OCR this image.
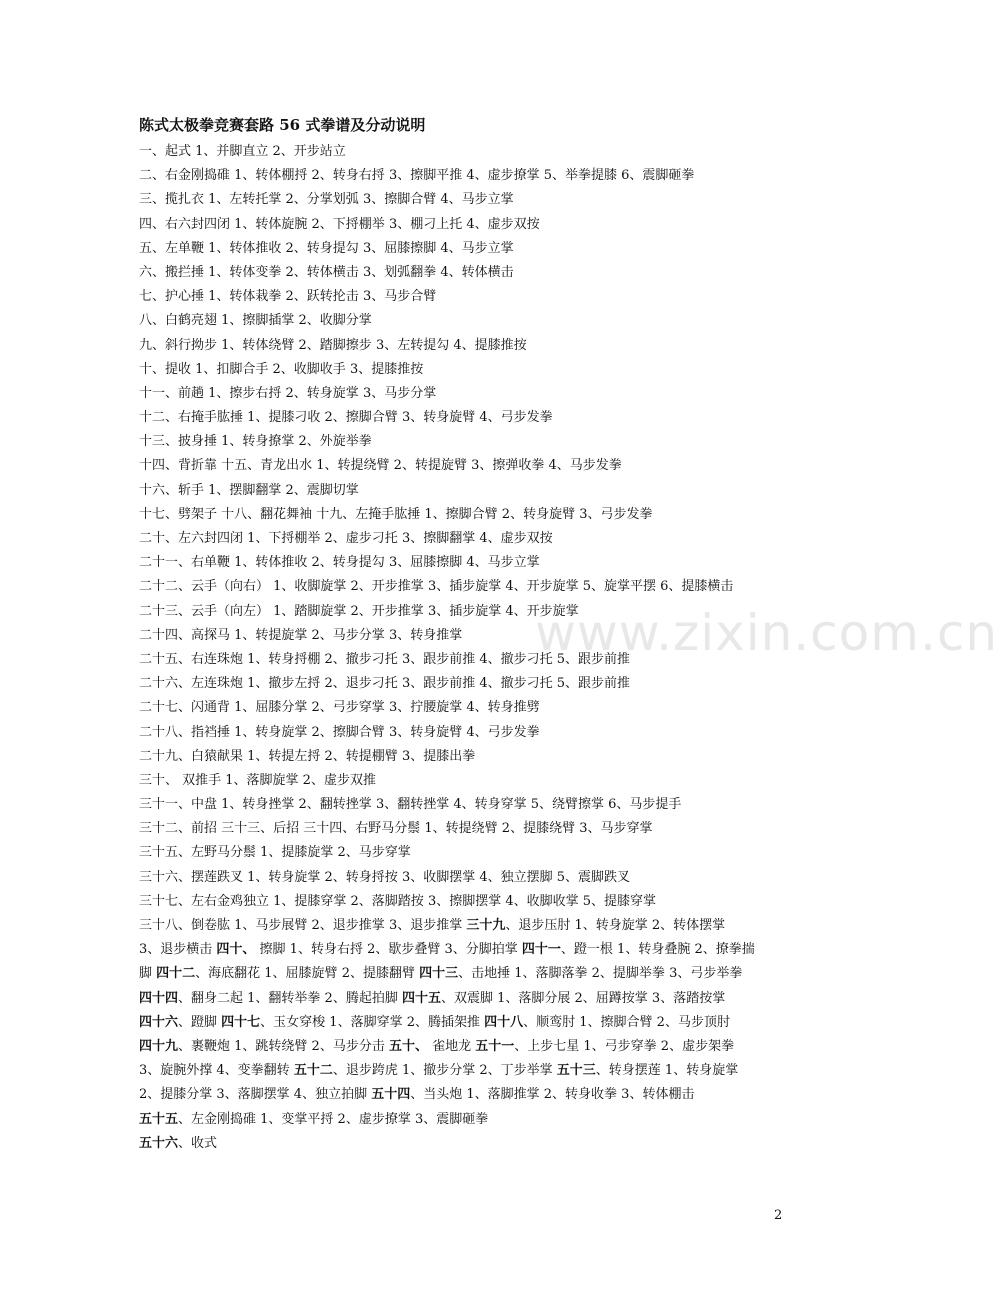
www.zixin.com.cn
陈式太极拳竞赛套路 56 式拳谱及分动说明
一、起式 1、并脚直立 2、开步站立
二、右金刚捣碓 1、转体棚捋 2、转身右捋 3、擦脚平推 4、虚步撩掌 5、举拳提膝 6、震脚砸拳
三、揽扎衣 1、左转托掌 2、分掌划弧 3、擦脚合臂 4、马步立掌
四、右六封四闭 1、转体旋腕 2、下捋棚举 3、棚刁上托 4、虚步双按
五、左单鞭 1、转体推收 2、转身提勾 3、屈膝擦脚 4、马步立掌
六、搬拦捶 1、转体变拳 2、转体横击 3、划弧翻拳 4、转体横击
七、护心捶 1、转体栽拳 2、跃转抡击 3、马步合臂
八、白鹤亮翅 1、擦脚插掌 2、收脚分掌
九、斜行拗步 1、转体绕臂 2、踏脚擦步 3、左转提勾 4、提膝推按
十、提收 1、扣脚合手 2、收脚收手 3、提膝推按
十一、前趟 1、擦步右捋 2、转身旋掌 3、马步分掌
十二、右掩手肱捶 1、提膝刁收 2、擦脚合臂 3、转身旋臂 4、弓步发拳
十三、披身捶 1、转身撩掌 2、外旋举拳
十四、背折靠 十五、青龙出水 1、转提绕臂 2、转提旋臂 3、擦弹收拳 4、马步发拳
十六、斩手 1、摆脚翻掌 2、震脚切掌
十七、劈架子 十八、翻花舞袖 十九、左掩手肱捶 1、擦脚合臂 2、转身旋臂 3、弓步发拳
二十、左六封四闭 1、下捋棚举 2、虚步刁托 3、擦脚翻掌 4、虚步双按
二十一、右单鞭 1、转体推收 2、转身提勾 3、屈膝擦脚 4、马步立掌
二十二、云手（向右） 1、收脚旋掌 2、开步推掌 3、插步旋掌 4、开步旋掌 5、旋掌平摆 6、提膝横击
二十三、云手（向左） 1、踏脚旋掌 2、开步推掌 3、插步旋掌 4、开步旋掌
二十四、高探马 1、转提旋掌 2、马步分掌 3、转身推掌
二十五、右连珠炮 1、转身捋棚 2、撤步刁托 3、跟步前推 4、撤步刁托 5、跟步前推
二十六、左连珠炮 1、撤步左捋 2、退步刁托 3、跟步前推 4、撤步刁托 5、跟步前推
二十七、闪通背 1、屈膝分掌 2、弓步穿掌 3、拧腰旋掌 4、转身推劈
二十八、指裆捶 1、转身旋掌 2、擦脚合臂 3、转身旋臂 4、弓步发拳
二十九、白猿献果 1、转提左捋 2、转提棚臂 3、提膝出拳
三十、 双推手 1、落脚旋掌 2、虚步双推
三十一、中盘 1、转身挫掌 2、翻转挫掌 3、翻转挫掌 4、转身穿掌 5、绕臂擦掌 6、马步提手
三十二、前招 三十三、后招 三十四、右野马分鬃 1、转提绕臂 2、提膝绕臂 3、马步穿掌
三十五、左野马分鬃 1、提膝旋掌 2、马步穿掌
三十六、摆莲跌叉 1、转身旋掌 2、转身捋按 3、收脚摆掌 4、独立摆脚 5、震脚跌叉
三十七、左右金鸡独立 1、提膝穿掌 2、落脚踏按 3、擦脚摆掌 4、收脚收掌 5、提膝穿掌
三十八、倒卷肱 1、马步展臂 2、退步推掌 3、退步推掌 三十九、退步压肘 1、转身旋掌 2、转体摆掌
3、退步横击 四十、 擦脚 1、转身右捋 2、歇步叠臂 3、分脚拍掌 四十一、蹬一根 1、转身叠腕 2、撩拳揣
脚 四十二、海底翻花 1、屈膝旋臂 2、提膝翻臂 四十三、击地捶 1、落脚落拳 2、提脚举拳 3、弓步举拳
四十四、翻身二起 1、翻转举拳 2、腾起拍脚 四十五、双震脚 1、落脚分展 2、屈蹲按掌 3、落踏按掌
四十六、蹬脚 四十七、玉女穿梭 1、落脚穿掌 2、腾插架推 四十八、顺鸾肘 1、擦脚合臂 2、马步顶肘
四十九、裹鞭炮 1、跳转绕臂 2、马步分击 五十、 雀地龙 五十一、上步七星 1、弓步穿拳 2、虚步架拳
3、旋腕外撑 4、变拳翻转 五十二、退步跨虎 1、撤步分掌 2、丁步举掌 五十三、转身摆莲 1、转身旋掌
2、提膝分掌 3、落脚摆掌 4、独立拍脚 五十四、当头炮 1、落脚推掌 2、转身收拳 3、转体棚击
五十五、左金刚捣碓 1、变掌平捋 2、虚步撩掌 3、震脚砸拳
五十六、收式
2
